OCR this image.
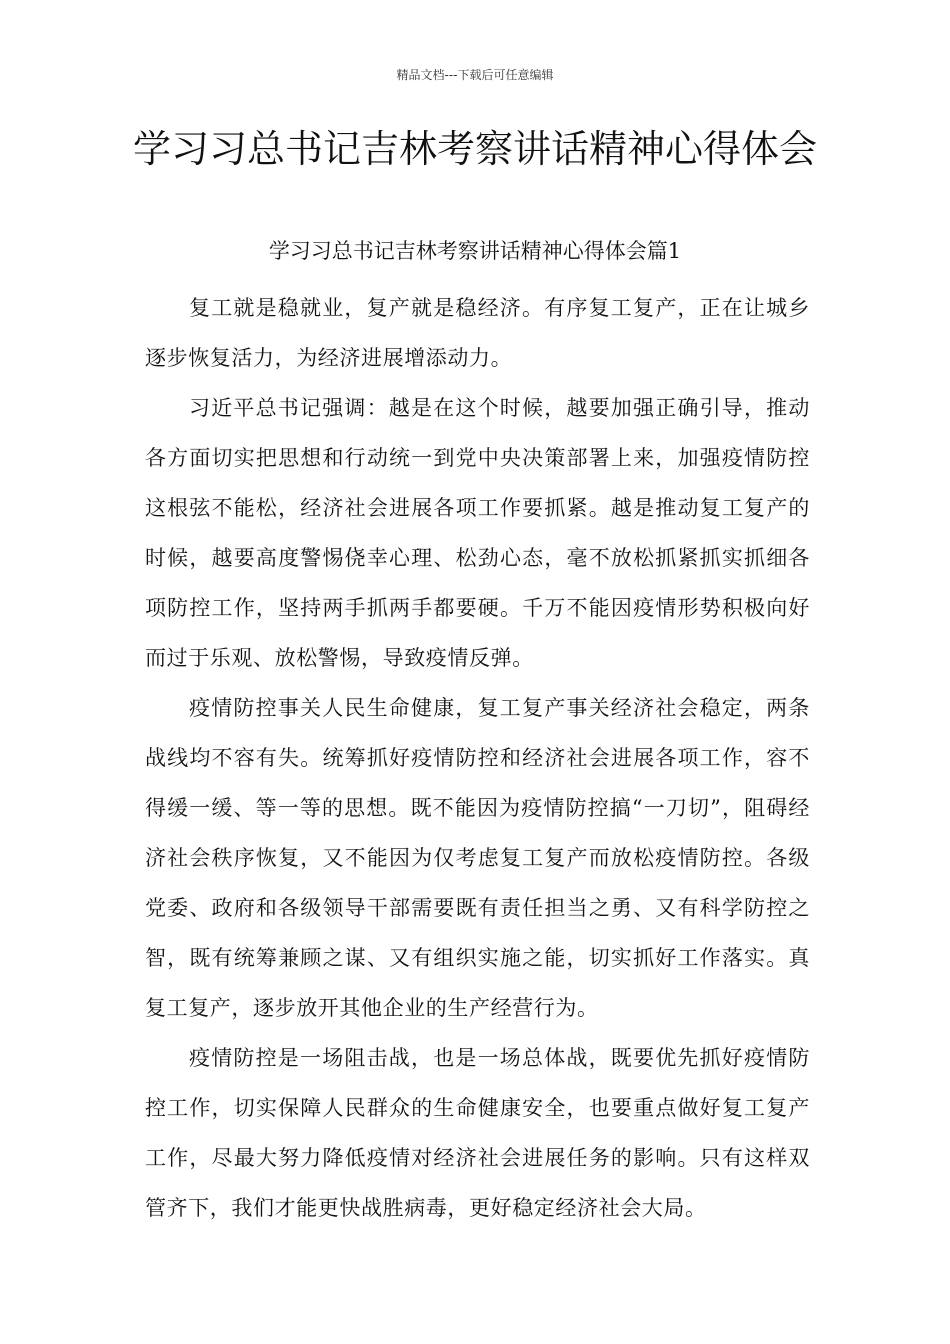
精品文档---下载后可任意编辑
学习习总书记吉林考察讲话精神心得体会
学习习总书记吉林考察讲话精神心得体会篇1

复工就是稳就业，复产就是稳经济。有序复工复产，正在让城乡逐步恢复活力，为经济进展增添动力。

习近平总书记强调：越是在这个时候，越要加强正确引导，推动各方面切实把思想和行动统一到党中央决策部署上来，加强疫情防控这根弦不能松，经济社会进展各项工作要抓紧。越是推动复工复产的时候，越要高度警惕侥幸心理、松劲心态，毫不放松抓紧抓实抓细各项防控工作，坚持两手抓两手都要硬。千万不能因疫情形势积极向好而过于乐观、放松警惕，导致疫情反弹。

疫情防控事关人民生命健康，复工复产事关经济社会稳定，两条战线均不容有失。统筹抓好疫情防控和经济社会进展各项工作，容不得缓一缓、等一等的思想。既不能因为疫情防控搞“一刀切”，阻碍经济社会秩序恢复，又不能因为仅考虑复工复产而放松疫情防控。各级党委、政府和各级领导干部需要既有责任担当之勇、又有科学防控之智，既有统筹兼顾之谋、又有组织实施之能，切实抓好工作落实。真复工复产，逐步放开其他企业的生产经营行为。

疫情防控是一场阻击战，也是一场总体战，既要优先抓好疫情防控工作，切实保障人民群众的生命健康安全，也要重点做好复工复产工作，尽最大努力降低疫情对经济社会进展任务的影响。只有这样双管齐下，我们才能更快战胜病毒，更好稳定经济社会大局。
